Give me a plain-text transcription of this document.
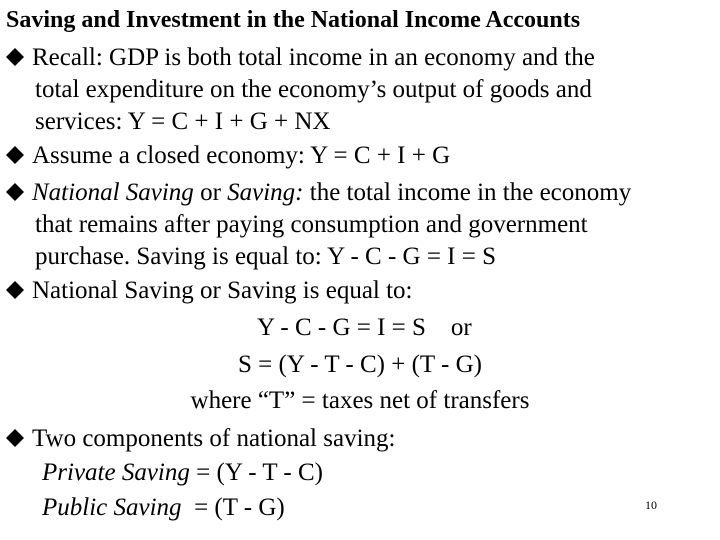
Saving and Investment in the National Income Accounts
Recall: GDP is both total income in an economy and the
total expenditure on the economy’s output of goods and
services: Y = C + I + G + NX
Assume a closed economy: Y = C + I + G
National Saving or Saving: the total income in the economy
that remains after paying consumption and government
purchase. Saving is equal to: Y - C - G = I = S
National Saving or Saving is equal to:
Y - C - G = I = S    or
S = (Y - T - C) + (T - G)
where “T” = taxes net of transfers
Two components of national saving:
Private Saving = (Y - T - C)
Public Saving  = (T - G)	10
